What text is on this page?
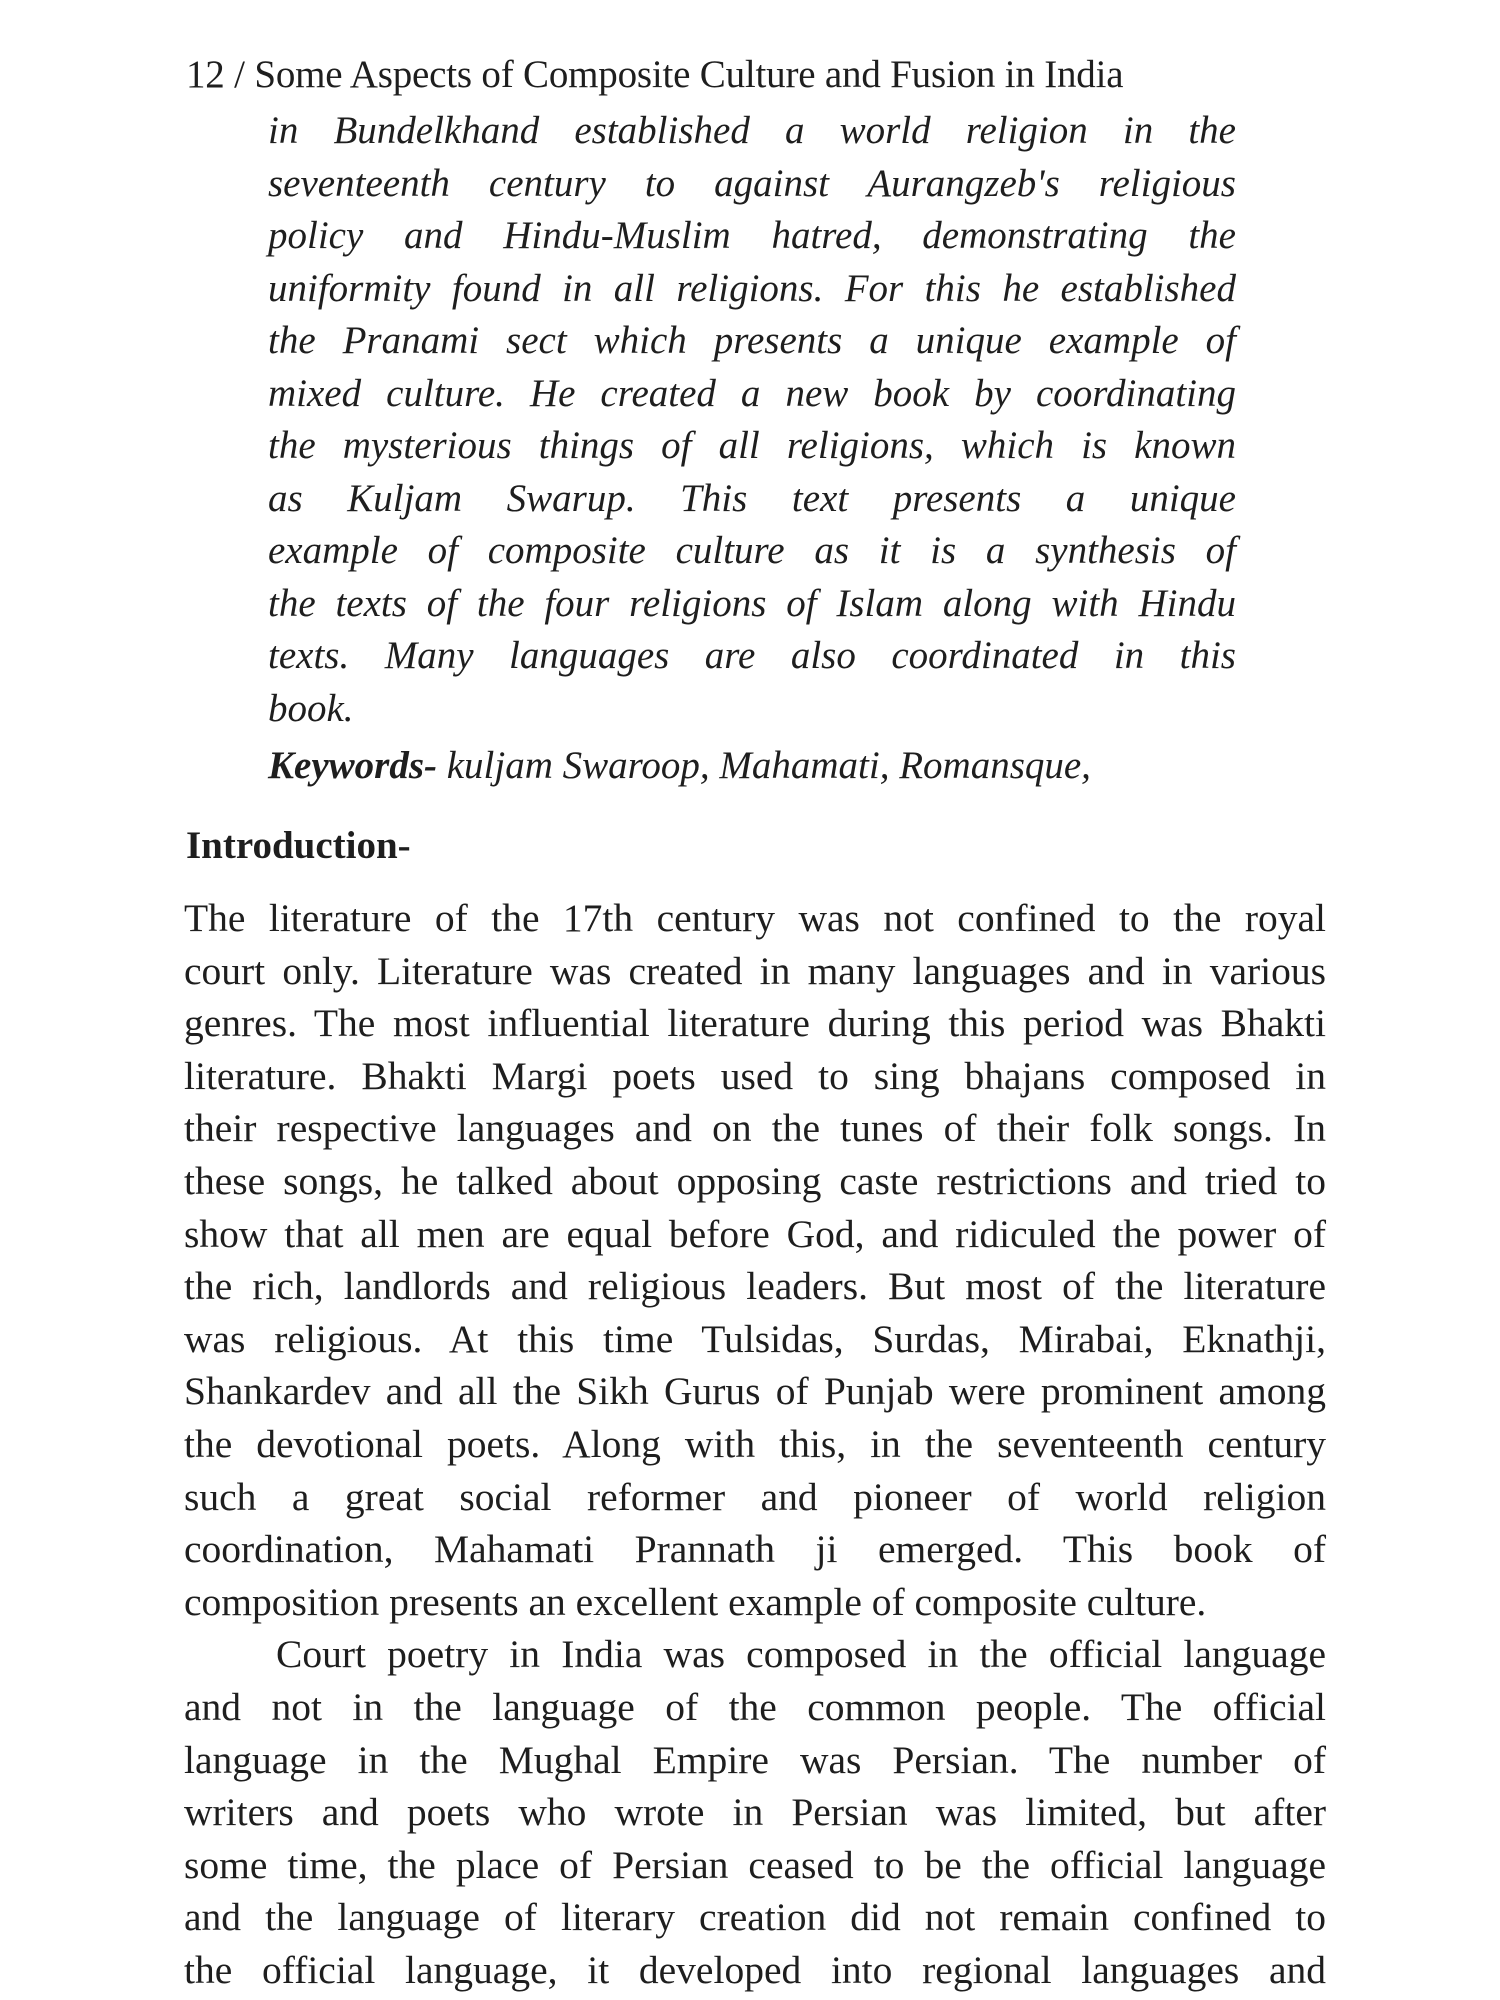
12 / Some Aspects of Composite Culture and Fusion in India
in Bundelkhand established a world religion in the
seventeenth century to against Aurangzeb's religious
policy and Hindu-Muslim hatred, demonstrating the
uniformity found in all religions. For this he established
the Pranami sect which presents a unique example of
mixed culture. He created a new book by coordinating
the mysterious things of all religions, which is known
as Kuljam Swarup. This text presents a unique
example of composite culture as it is a synthesis of
the texts of the four religions of Islam along with Hindu
texts. Many languages are also coordinated in this
book.
Keywords- kuljam Swaroop, Mahamati, Romansque,
Introduction-
The literature of the 17th century was not confined to the royal
court only. Literature was created in many languages and in various
genres. The most influential literature during this period was Bhakti
literature. Bhakti Margi poets used to sing bhajans composed in
their respective languages and on the tunes of their folk songs. In
these songs, he talked about opposing caste restrictions and tried to
show that all men are equal before God, and ridiculed the power of
the rich, landlords and religious leaders. But most of the literature
was religious. At this time Tulsidas, Surdas, Mirabai, Eknathji,
Shankardev and all the Sikh Gurus of Punjab were prominent among
the devotional poets. Along with this, in the seventeenth century
such a great social reformer and pioneer of world religion
coordination, Mahamati Prannath ji emerged. This book of
composition presents an excellent example of composite culture.
Court poetry in India was composed in the official language
and not in the language of the common people. The official
language in the Mughal Empire was Persian. The number of
writers and poets who wrote in Persian was limited, but after
some time, the place of Persian ceased to be the official language
and the language of literary creation did not remain confined to
the official language, it developed into regional languages and
